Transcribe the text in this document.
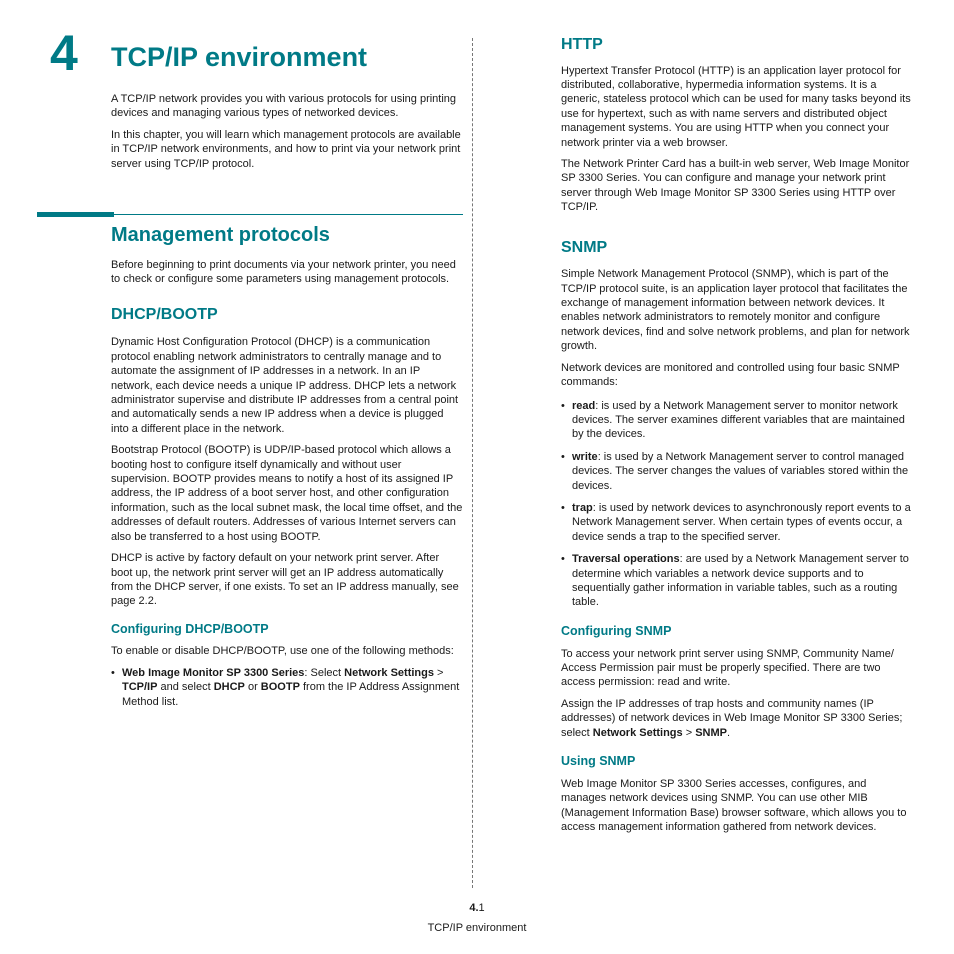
4 TCP/IP environment

A TCP/IP network provides you with various protocols for using printing devices and managing various types of networked devices.

In this chapter, you will learn which management protocols are available in TCP/IP network environments, and how to print via your network print server using TCP/IP protocol.

Management protocols

Before beginning to print documents via your network printer, you need to check or configure some parameters using management protocols.

DHCP/BOOTP

Dynamic Host Configuration Protocol (DHCP) is a communication protocol enabling network administrators to centrally manage and to automate the assignment of IP addresses in a network. In an IP network, each device needs a unique IP address. DHCP lets a network administrator supervise and distribute IP addresses from a central point and automatically sends a new IP address when a device is plugged into a different place in the network.

Bootstrap Protocol (BOOTP) is UDP/IP-based protocol which allows a booting host to configure itself dynamically and without user supervision. BOOTP provides means to notify a host of its assigned IP address, the IP address of a boot server host, and other configuration information, such as the local subnet mask, the local time offset, and the addresses of default routers. Addresses of various Internet servers can also be transferred to a host using BOOTP.

DHCP is active by factory default on your network print server. After boot up, the network print server will get an IP address automatically from the DHCP server, if one exists. To set an IP address manually, see page 2.2.

Configuring DHCP/BOOTP

To enable or disable DHCP/BOOTP, use one of the following methods:

• Web Image Monitor SP 3300 Series: Select Network Settings > TCP/IP and select DHCP or BOOTP from the IP Address Assignment Method list.
HTTP

Hypertext Transfer Protocol (HTTP) is an application layer protocol for distributed, collaborative, hypermedia information systems. It is a generic, stateless protocol which can be used for many tasks beyond its use for hypertext, such as with name servers and distributed object management systems. You are using HTTP when you connect your network printer via a web browser.

The Network Printer Card has a built-in web server, Web Image Monitor SP 3300 Series. You can configure and manage your network print server through Web Image Monitor SP 3300 Series using HTTP over TCP/IP.

SNMP

Simple Network Management Protocol (SNMP), which is part of the TCP/IP protocol suite, is an application layer protocol that facilitates the exchange of management information between network devices. It enables network administrators to remotely monitor and configure network devices, find and solve network problems, and plan for network growth.

Network devices are monitored and controlled using four basic SNMP commands:

• read: is used by a Network Management server to monitor network devices. The server examines different variables that are maintained by the devices.
• write: is used by a Network Management server to control managed devices. The server changes the values of variables stored within the devices.
• trap: is used by network devices to asynchronously report events to a Network Management server. When certain types of events occur, a device sends a trap to the specified server.
• Traversal operations: are used by a Network Management server to determine which variables a network device supports and to sequentially gather information in variable tables, such as a routing table.
Configuring SNMP

To access your network print server using SNMP, Community Name/ Access Permission pair must be properly specified. There are two access permission: read and write.

Assign the IP addresses of trap hosts and community names (IP addresses) of network devices in Web Image Monitor SP 3300 Series; select Network Settings > SNMP.

Using SNMP

Web Image Monitor SP 3300 Series accesses, configures, and manages network devices using SNMP. You can use other MIB (Management Information Base) browser software, which allows you to access management information gathered from network devices.

4.1
TCP/IP environment
